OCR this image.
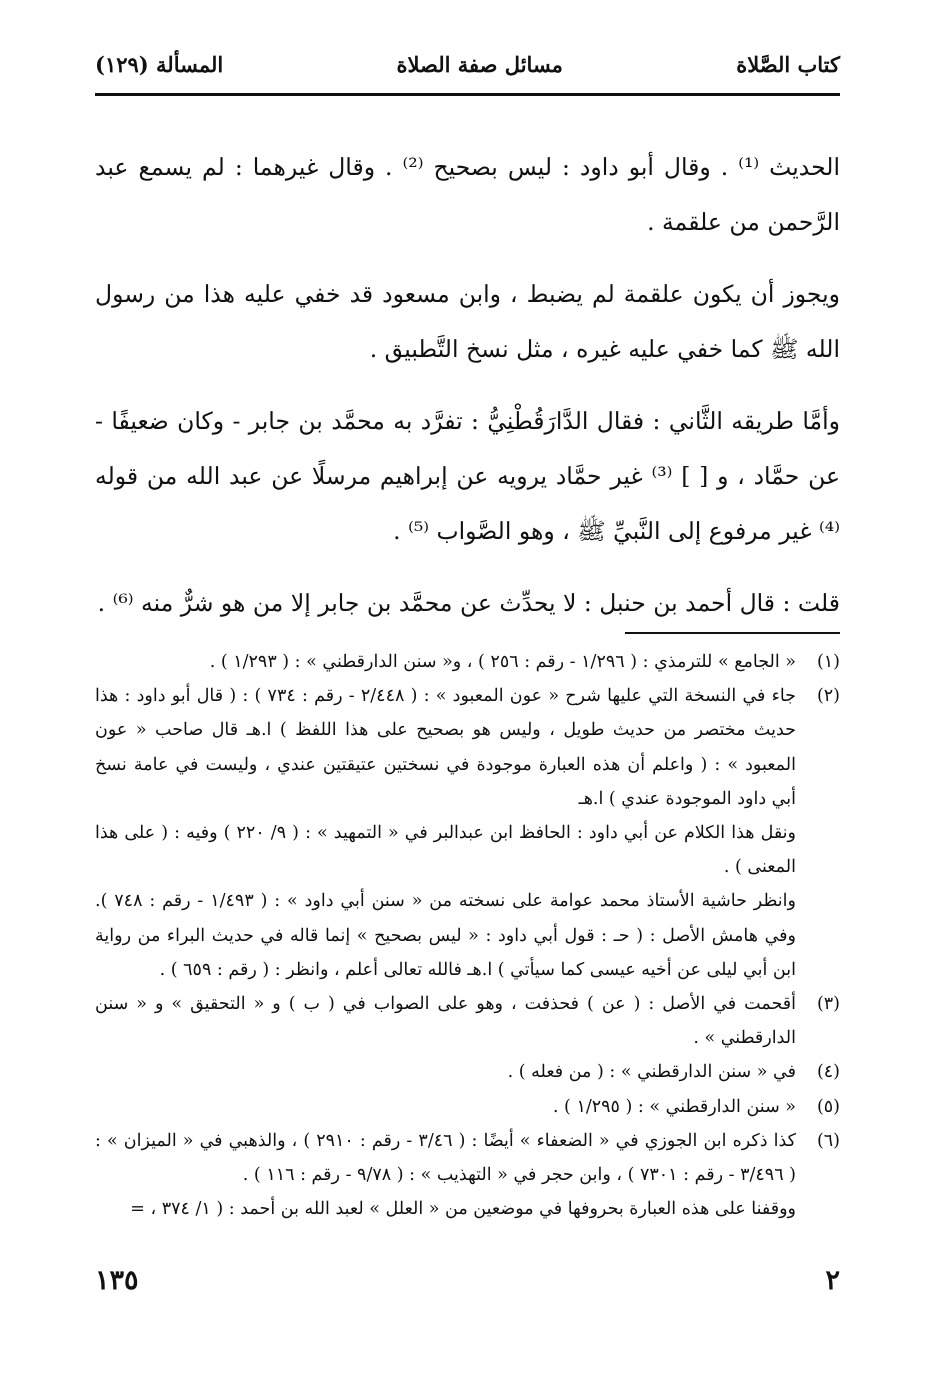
كتاب الصَّلاة
مسائل صفة الصلاة
المسألة (١٢٩)

الحديث ⁽¹⁾ . وقال أبو داود : ليس بصحيح ⁽²⁾ . وقال غيرهما : لم يسمع عبد الرَّحمن من علقمة .

ويجوز أن يكون علقمة لم يضبط ، وابن مسعود قد خفي عليه هذا من رسول الله ﷺ كما خفي عليه غيره ، مثل نسخ التَّطبيق .

وأمَّا طريقه الثَّاني : فقال الدَّارَقُطْنِيُّ : تفرَّد به محمَّد بن جابر - وكان ضعيفًا - عن حمَّاد ، و [ ] ⁽³⁾ غير حمَّاد يرويه عن إبراهيم مرسلًا عن عبد الله من قوله ⁽⁴⁾ غير مرفوع إلى النَّبيِّ ﷺ ، وهو الصَّواب ⁽⁵⁾ .

قلت : قال أحمد بن حنبل : لا يحدِّث عن محمَّد بن جابر إلا من هو شرٌّ منه ⁽⁶⁾ .

(١)
« الجامع » للترمذي : ( ١/٢٩٦ - رقم : ٢٥٦ ) ، و« سنن الدارقطني » : ( ١/٢٩٣ ) .
(٢)
جاء في النسخة التي عليها شرح « عون المعبود » : ( ٢/٤٤٨ - رقم : ٧٣٤ ) : ( قال أبو داود : هذا حديث مختصر من حديث طويل ، وليس هو بصحيح على هذا اللفظ ) ا.هـ قال صاحب « عون المعبود » : ( واعلم أن هذه العبارة موجودة في نسختين عتيقتين عندي ، وليست في عامة نسخ أبي داود الموجودة عندي ) ا.هـ
ونقل هذا الكلام عن أبي داود : الحافظ ابن عبدالبر في « التمهيد » : ( ٩/ ٢٢٠ ) وفيه : ( على هذا المعنى ) .
وانظر حاشية الأستاذ محمد عوامة على نسخته من « سنن أبي داود » : ( ١/٤٩٣ - رقم : ٧٤٨ ). وفي هامش الأصل : ( حـ : قول أبي داود : « ليس بصحيح » إنما قاله في حديث البراء من رواية ابن أبي ليلى عن أخيه عيسى كما سيأتي ) ا.هـ فالله تعالى أعلم ، وانظر : ( رقم : ٦٥٩ ) .
(٣)
أقحمت في الأصل : ( عن ) فحذفت ، وهو على الصواب في ( ب ) و « التحقيق » و « سنن الدارقطني » .
(٤)
في « سنن الدارقطني » : ( من فعله ) .
(٥)
« سنن الدارقطني » : ( ١/٢٩٥ ) .
(٦)
كذا ذكره ابن الجوزي في « الضعفاء » أيضًا : ( ٣/٤٦ - رقم : ٢٩١٠ ) ، والذهبي في « الميزان » : ( ٣/٤٩٦ - رقم : ٧٣٠١ ) ، وابن حجر في « التهذيب » : ( ٩/٧٨ - رقم : ١١٦ ) .
ووقفنا على هذه العبارة بحروفها في موضعين من « العلل » لعبد الله بن أحمد : ( ١/ ٣٧٤ ، =
٢
١٣٥
